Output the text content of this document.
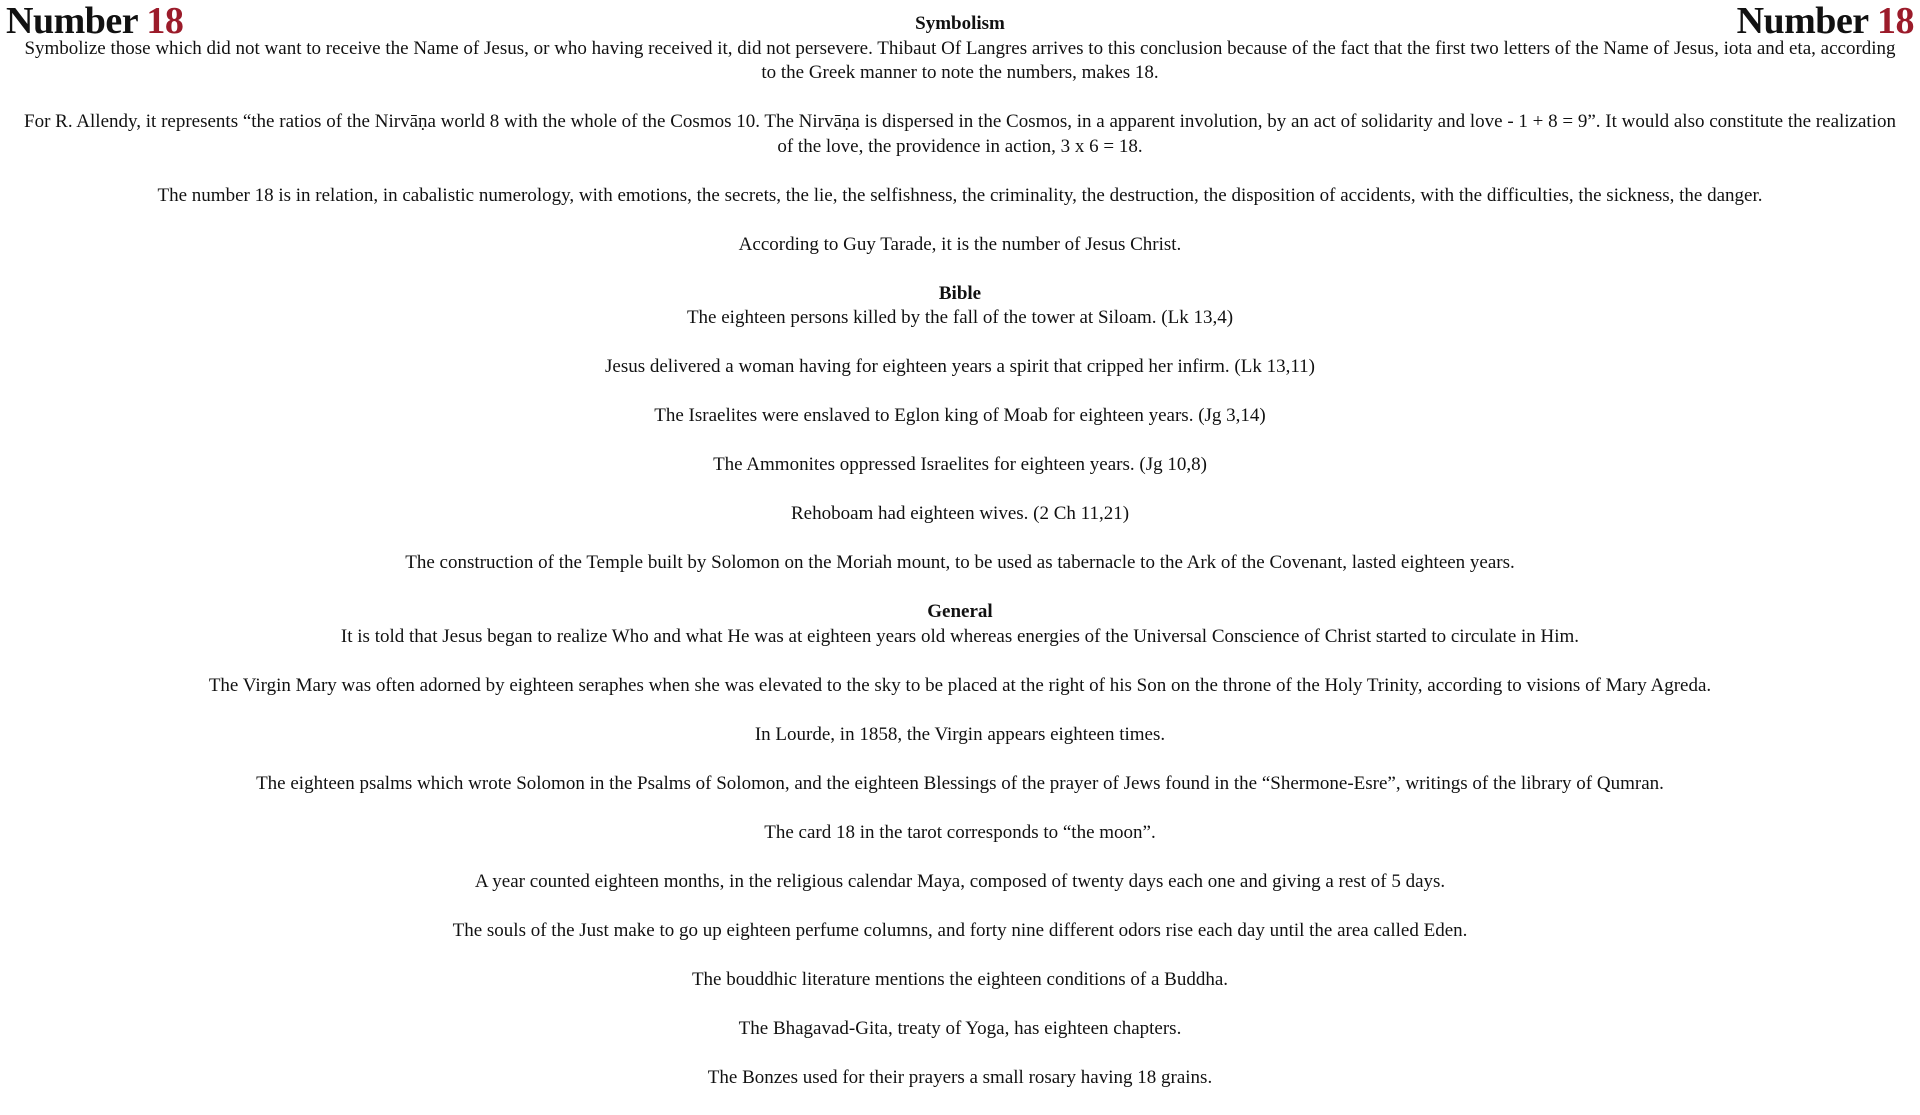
Number 18	Number 18
Symbolism

Symbolize those which did not want to receive the Name of Jesus, or who having received it, did not persevere. Thibaut Of Langres arrives to this conclusion because of the fact that the first two letters of the Name of Jesus, iota and eta, according to the Greek manner to note the numbers, makes 18.

For R. Allendy, it represents “the ratios of the Nirvāṇa world 8 with the whole of the Cosmos 10. The Nirvāṇa is dispersed in the Cosmos, in a apparent involution, by an act of solidarity and love - 1 + 8 = 9”. It would also constitute the realization of the love, the providence in action, 3 x 6 = 18.

The number 18 is in relation, in cabalistic numerology, with emotions, the secrets, the lie, the selfishness, the criminality, the destruction, the disposition of accidents, with the difficulties, the sickness, the danger.

According to Guy Tarade, it is the number of Jesus Christ.

Bible

The eighteen persons killed by the fall of the tower at Siloam. (Lk 13,4)

Jesus delivered a woman having for eighteen years a spirit that cripped her infirm. (Lk 13,11)

The Israelites were enslaved to Eglon king of Moab for eighteen years. (Jg 3,14)

The Ammonites oppressed Israelites for eighteen years. (Jg 10,8)

Rehoboam had eighteen wives. (2 Ch 11,21)

The construction of the Temple built by Solomon on the Moriah mount, to be used as tabernacle to the Ark of the Covenant, lasted eighteen years.

General

It is told that Jesus began to realize Who and what He was at eighteen years old whereas energies of the Universal Conscience of Christ started to circulate in Him.

The Virgin Mary was often adorned by eighteen seraphes when she was elevated to the sky to be placed at the right of his Son on the throne of the Holy Trinity, according to visions of Mary Agreda.

In Lourde, in 1858, the Virgin appears eighteen times.

The eighteen psalms which wrote Solomon in the Psalms of Solomon, and the eighteen Blessings of the prayer of Jews found in the “Shermone-Esre”, writings of the library of Qumran.

The card 18 in the tarot corresponds to “the moon”.

A year counted eighteen months, in the religious calendar Maya, composed of twenty days each one and giving a rest of 5 days.

The souls of the Just make to go up eighteen perfume columns, and forty nine different odors rise each day until the area called Eden.

The bouddhic literature mentions the eighteen conditions of a Buddha.

The Bhagavad-Gita, treaty of Yoga, has eighteen chapters.

The Bonzes used for their prayers a small rosary having 18 grains.
